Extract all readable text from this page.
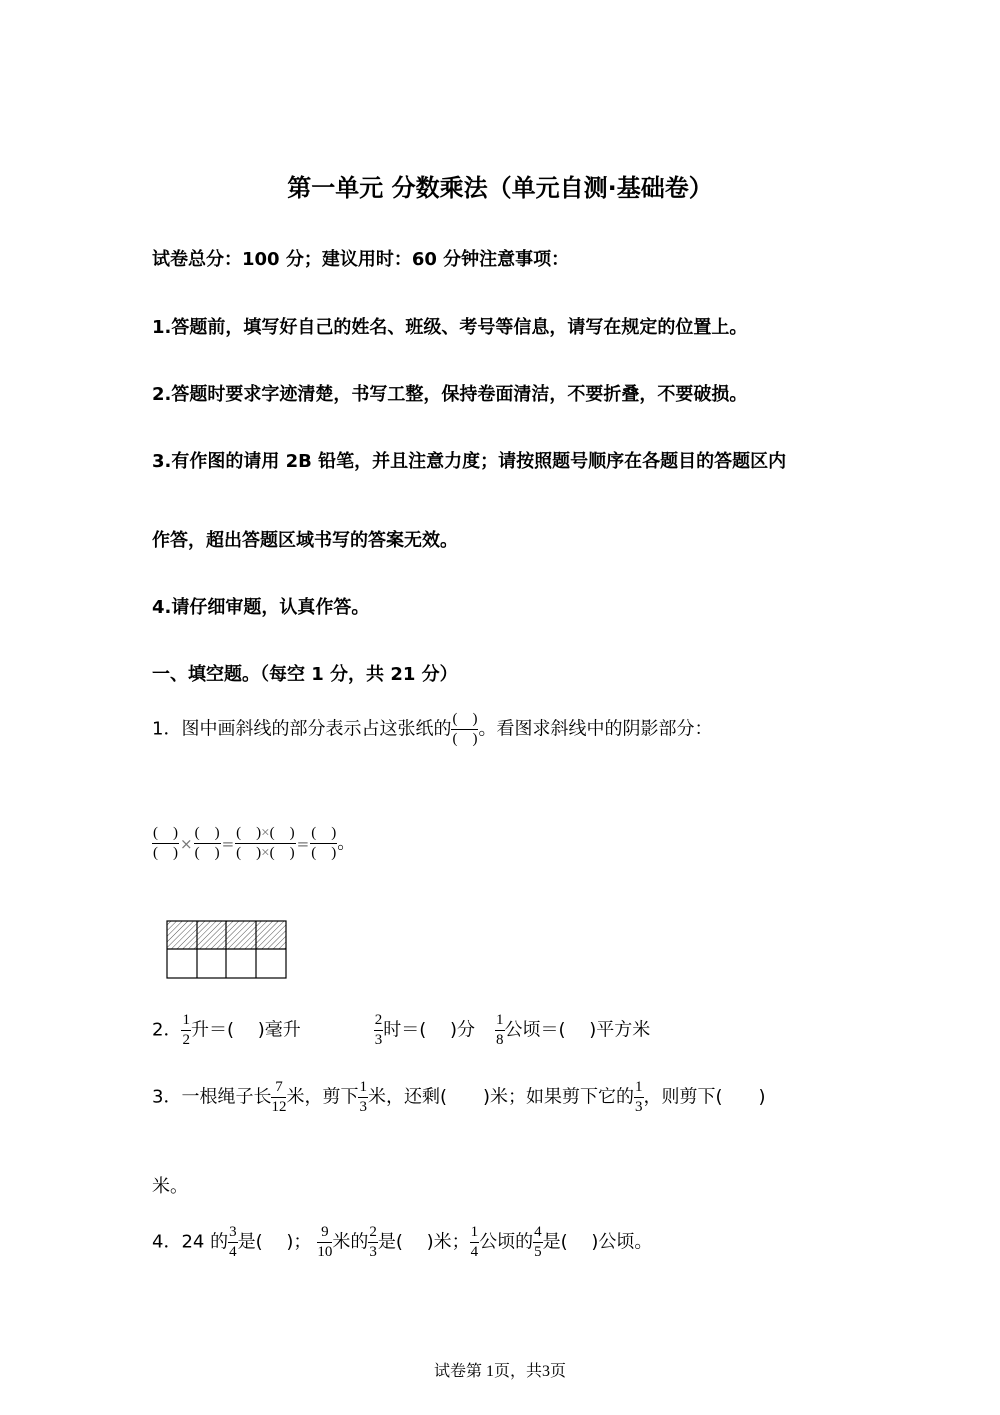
第一单元 分数乘法（单元自测·基础卷）
试卷总分：100 分；建议用时：60 分钟注意事项：
1.答题前，填写好自己的姓名、班级、考号等信息，请写在规定的位置上。
2.答题时要求字迹清楚，书写工整，保持卷面清洁，不要折叠，不要破损。
3.有作图的请用 2B 铅笔，并且注意力度；请按照题号顺序在各题目的答题区内
作答，超出答题区域书写的答案无效。
4.请仔细审题，认真作答。
一、填空题。（每空 1 分，共 21 分）
1．图中画斜线的部分表示占这张纸的 $\frac{( )}{( )}$ 。看图求斜线中的阴影部分：
$\frac{( )}{( )} \times \frac{( )}{( )} = \frac{( )\times( )}{( )\times( )} = \frac{( )}{( )}$ 。
2． $\frac{1}{2}$ 升＝(　 )毫升	$\frac{2}{3}$ 时＝(　 )分 $\frac{1}{8}$ 公顷＝(　 )平方米
3．一根绳子长 $\frac{7}{12}$ 米，剪下 $\frac{1}{3}$ 米，还剩(　　)米；如果剪下它的 $\frac{1}{3}$ ，则剪下(　　)
米。
4．24 的 $\frac{3}{4}$ 是(　 )； $\frac{9}{10}$ 米的 $\frac{2}{3}$ 是(　 )米； $\frac{1}{4}$ 公顷的 $\frac{4}{5}$ 是(　 )公顷。
试卷第 1页，共3页
